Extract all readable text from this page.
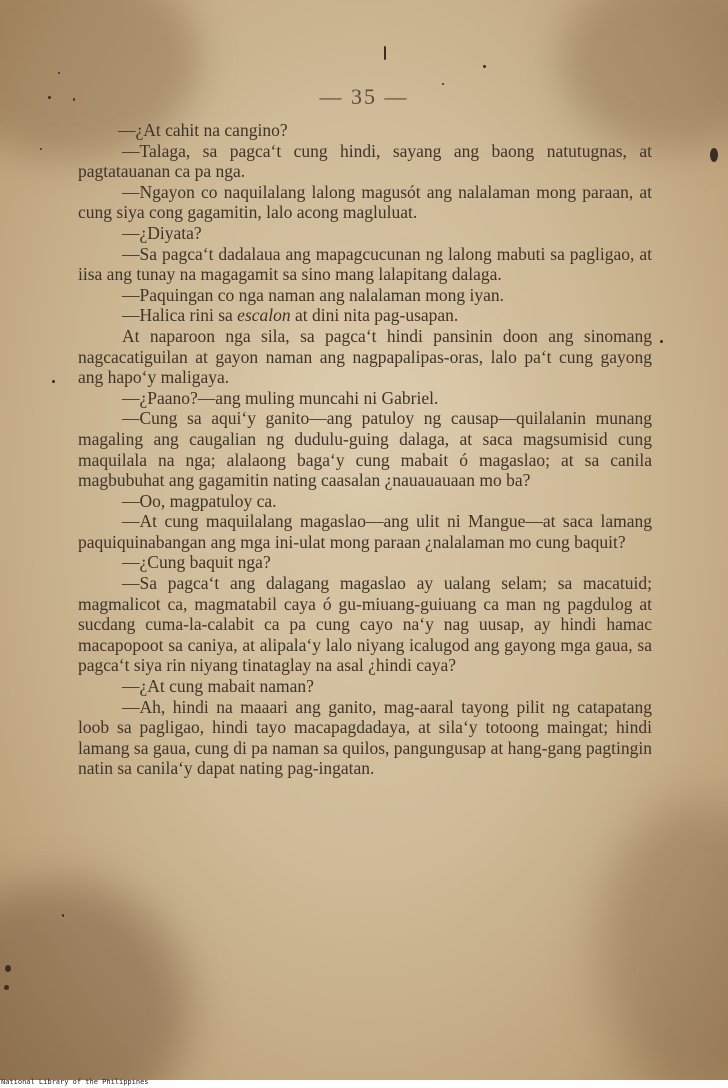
— 35 —

—¿At cahit na cangino?

—Talaga, sa pagca‘t cung hindi, sayang ang baong natutugnas, at pagtatauanan ca pa nga.

—Ngayon co naquilalang lalong magusót ang nalalaman mong paraan, at cung siya cong gagamitin, lalo acong magluluat.

—¿Diyata?

—Sa pagca‘t dadalaua ang mapagcucunan ng lalong mabuti sa pagligao, at iisa ang tunay na magagamit sa sino mang lalapitang dalaga.

—Paquingan co nga naman ang nalalaman mong iyan.

—Halica rini sa escalon at dini nita pag-usapan.

At naparoon nga sila, sa pagca‘t hindi pansinin doon ang sinomang nagcacatiguilan at gayon naman ang nagpapalipas-oras, lalo pa‘t cung gayong ang hapo‘y maligaya.

—¿Paano?—ang muling muncahi ni Gabriel.

—Cung sa aqui‘y ganito—ang patuloy ng causap—quilalanin munang magaling ang caugalian ng dudulu-guing dalaga, at saca magsumisid cung maquilala na nga; alalaong baga‘y cung mabait ó magaslao; at sa canila magbubuhat ang gagamitin nating caasalan ¿nauauauaan mo ba?

—Oo, magpatuloy ca.

—At cung maquilalang magaslao—ang ulit ni Mangue—at saca lamang paquiquinabangan ang mga ini-ulat mong paraan ¿nalalaman mo cung baquit?

—¿Cung baquit nga?

—Sa pagca‘t ang dalagang magaslao ay ualang selam; sa macatuid; magmalicot ca, magmatabil caya ó gu-miuang-guiuang ca man ng pagdulog at sucdang cuma-la-calabit ca pa cung cayo na‘y nag uusap, ay hindi hamac macapopoot sa caniya, at alipala‘y lalo niyang icalugod ang gayong mga gaua, sa pagca‘t siya rin niyang tinataglay na asal ¿hindi caya?

—¿At cung mabait naman?

—Ah, hindi na maaari ang ganito, mag-aaral tayong pilit ng catapatang loob sa pagligao, hindi tayo macapagdadaya, at sila‘y totoong maingat; hindi lamang sa gaua, cung di pa naman sa quilos, pangungusap at hang-gang pagtingin natin sa canila‘y dapat nating pag-ingatan.

National Library of the Philippines
